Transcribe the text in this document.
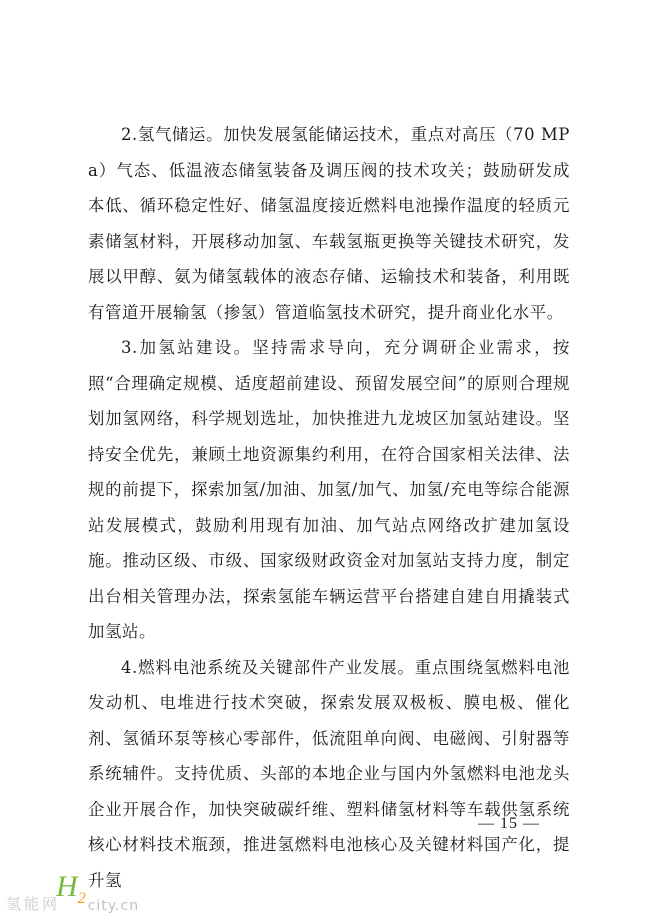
2.氢气储运。加快发展氢能储运技术，重点对高压（70 MPa）气态、低温液态储氢装备及调压阀的技术攻关；鼓励研发成本低、循环稳定性好、储氢温度接近燃料电池操作温度的轻质元素储氢材料，开展移动加氢、车载氢瓶更换等关键技术研究，发展以甲醇、氨为储氢载体的液态存储、运输技术和装备，利用既有管道开展输氢（掺氢）管道临氢技术研究，提升商业化水平。

3.加氢站建设。坚持需求导向，充分调研企业需求，按照“合理确定规模、适度超前建设、预留发展空间”的原则合理规划加氢网络，科学规划选址，加快推进九龙坡区加氢站建设。坚持安全优先，兼顾土地资源集约利用，在符合国家相关法律、法规的前提下，探索加氢/加油、加氢/加气、加氢/充电等综合能源站发展模式，鼓励利用现有加油、加气站点网络改扩建加氢设施。推动区级、市级、国家级财政资金对加氢站支持力度，制定出台相关管理办法，探索氢能车辆运营平台搭建自建自用撬装式加氢站。

4.燃料电池系统及关键部件产业发展。重点围绕氢燃料电池发动机、电堆进行技术突破，探索发展双极板、膜电极、催化剂、氢循环泵等核心零部件，低流阻单向阀、电磁阀、引射器等系统辅件。支持优质、头部的本地企业与国内外氢燃料电池龙头企业开展合作，加快突破碳纤维、塑料储氢材料等车载供氢系统核心材料技术瓶颈，推进氢燃料电池核心及关键材料国产化，提升氢

— 15 —
氢能网
$H_2$ city.cn
